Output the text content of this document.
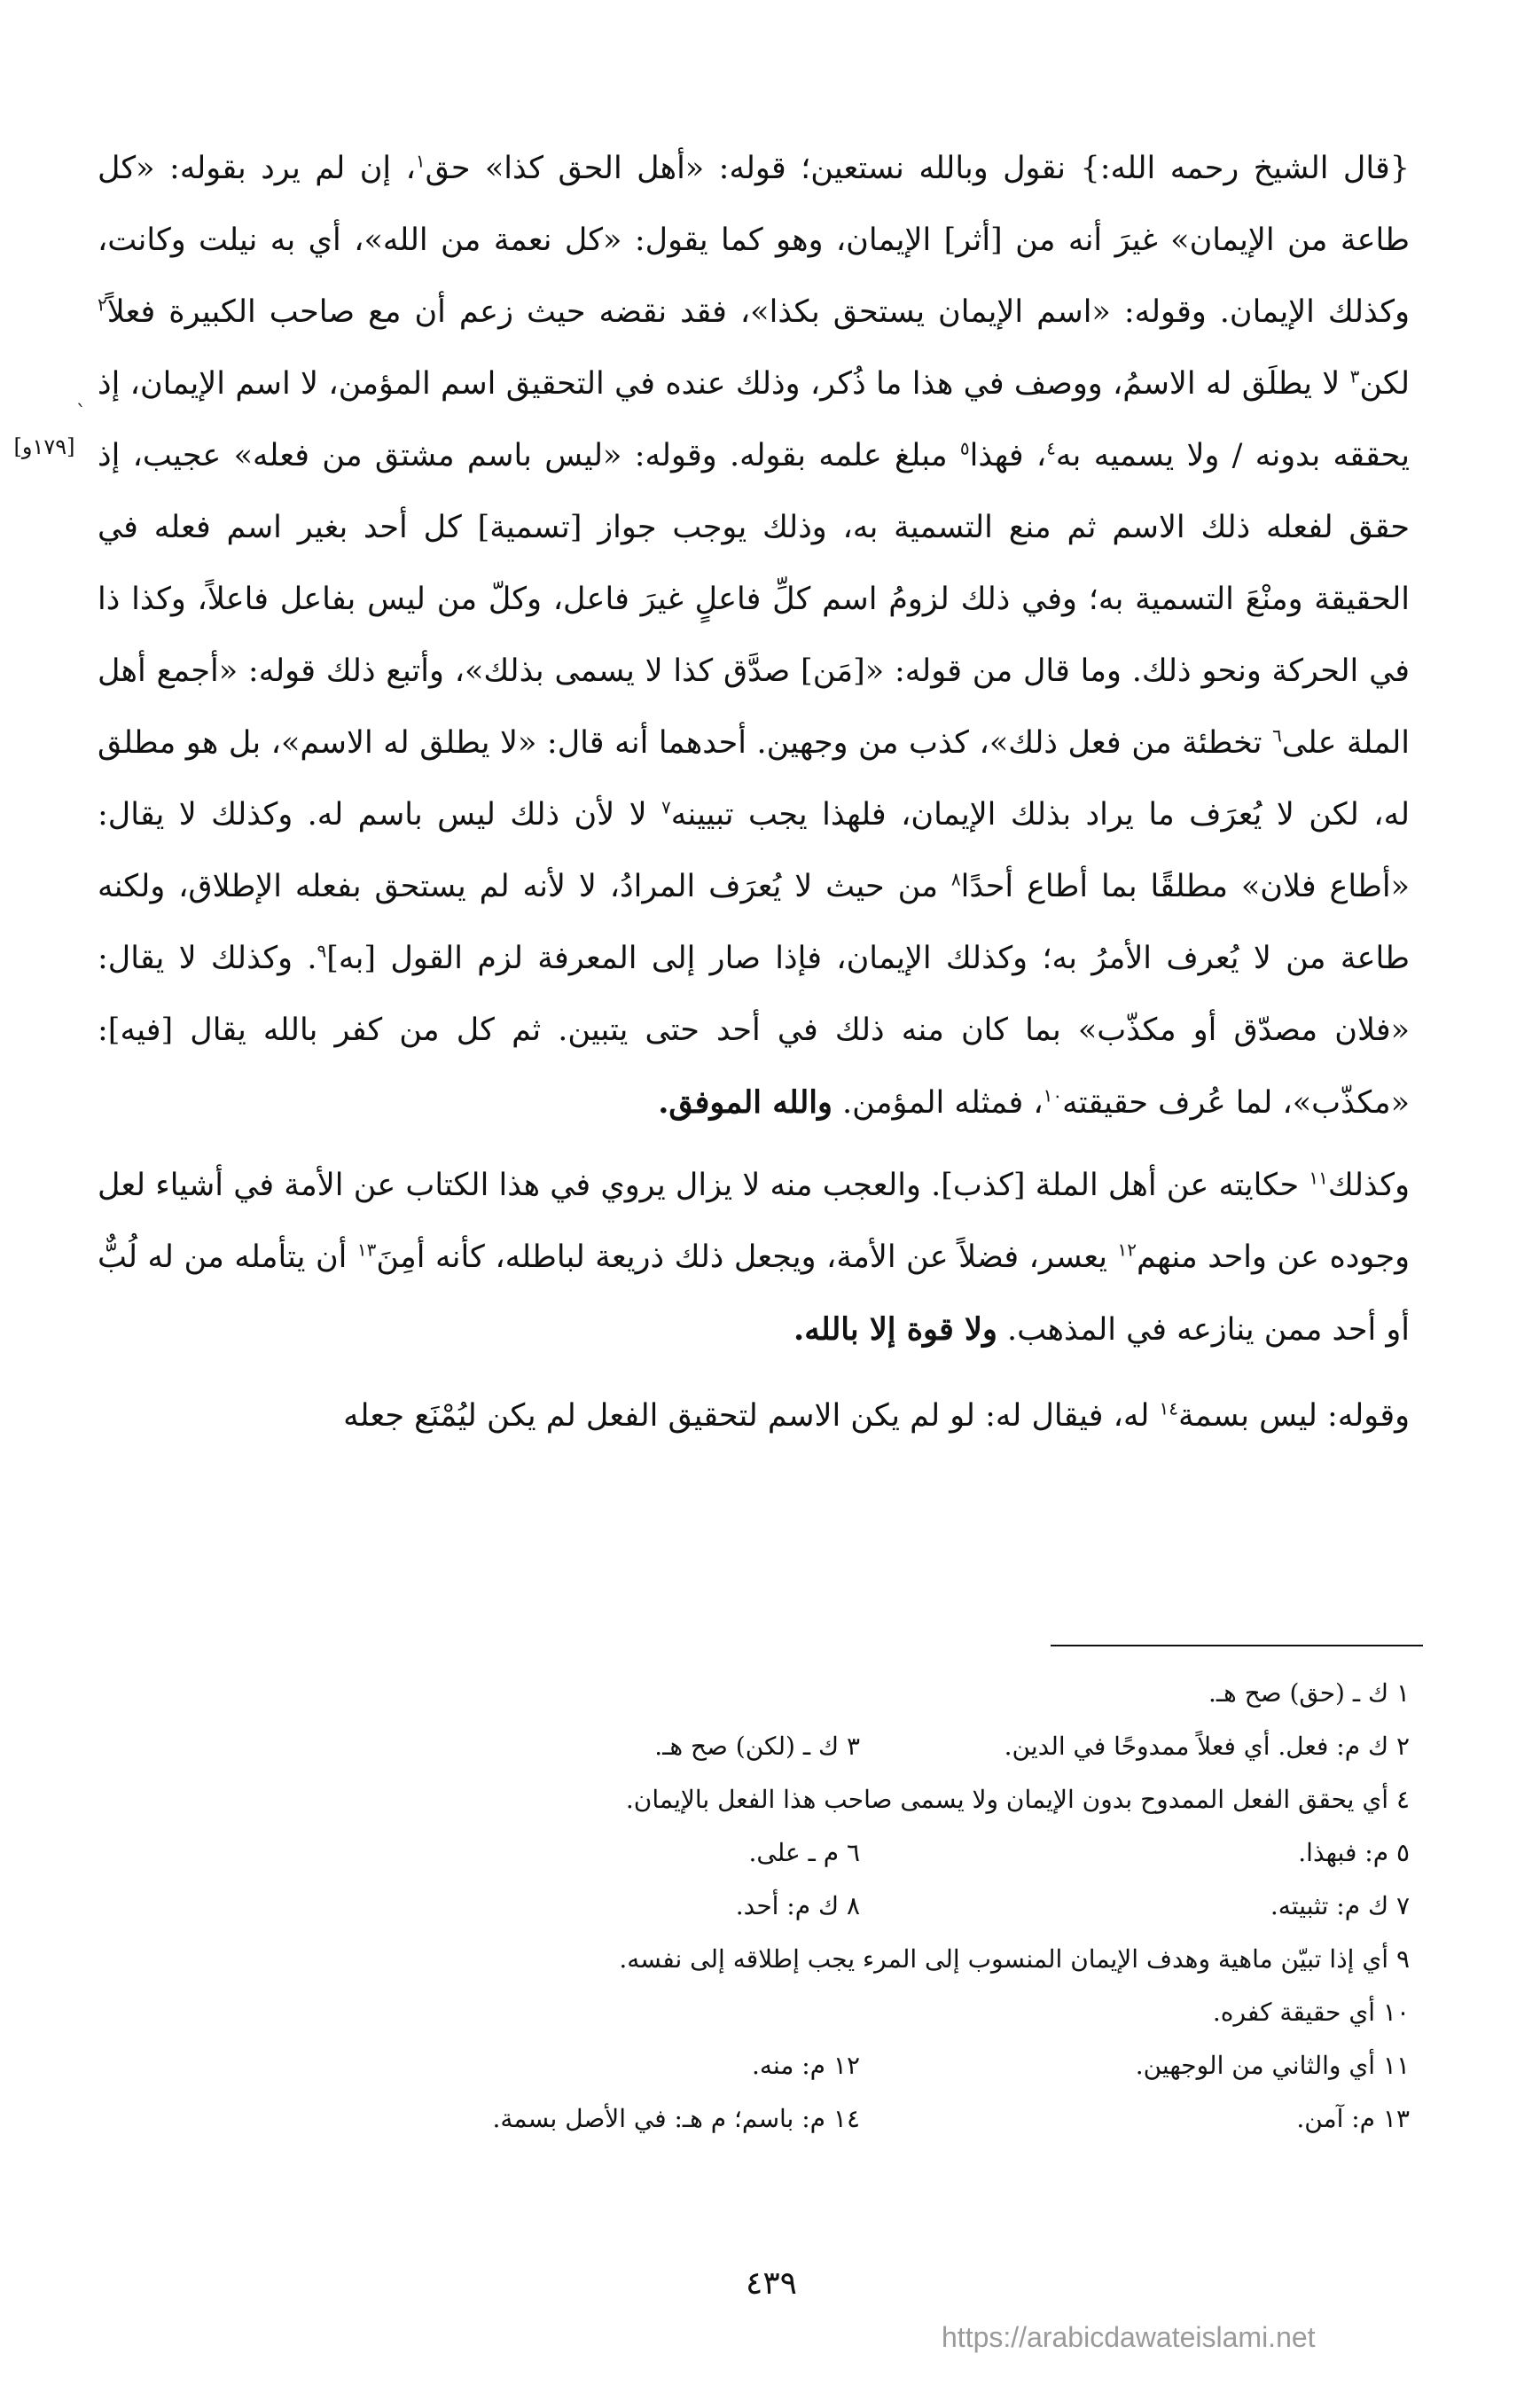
`
[١٧٩و]

{قال الشيخ رحمه الله:} نقول وبالله نستعين؛ قوله: «أهل الحق كذا» حق$^١$، إن لم يرد بقوله: «كل طاعة من الإيمان» غيرَ أنه من [أثر] الإيمان، وهو كما يقول: «كل نعمة من الله»، أي به نيلت وكانت، وكذلك الإيمان. وقوله: «اسم الإيمان يستحق بكذا»، فقد نقضه حيث زعم أن مع صاحب الكبيرة فعلاً$^٢$ لكن$^٣$ لا يطلَق له الاسمُ، ووصف في هذا ما ذُكر، وذلك عنده في التحقيق اسم المؤمن، لا اسم الإيمان، إذ يحققه بدونه / ولا يسميه به$^٤$، فهذا$^٥$ مبلغ علمه بقوله. وقوله: «ليس باسم مشتق من فعله» عجيب، إذ حقق لفعله ذلك الاسم ثم منع التسمية به، وذلك يوجب جواز [تسمية] كل أحد بغير اسم فعله في الحقيقة ومنْعَ التسمية به؛ وفي ذلك لزومُ اسم كلِّ فاعلٍ غيرَ فاعل، وكلّ من ليس بفاعل فاعلاً، وكذا ذا في الحركة ونحو ذلك. وما قال من قوله: «[مَن] صدَّق كذا لا يسمى بذلك»، وأتبع ذلك قوله: «أجمع أهل الملة على$^٦$ تخطئة من فعل ذلك»، كذب من وجهين. أحدهما أنه قال: «لا يطلق له الاسم»، بل هو مطلق له، لكن لا يُعرَف ما يراد بذلك الإيمان، فلهذا يجب تبيينه$^٧$ لا لأن ذلك ليس باسم له. وكذلك لا يقال: «أطاع فلان» مطلقًا بما أطاع أحدًا$^٨$ من حيث لا يُعرَف المرادُ، لا لأنه لم يستحق بفعله الإطلاق، ولكنه طاعة من لا يُعرف الأمرُ به؛ وكذلك الإيمان، فإذا صار إلى المعرفة لزم القول [به]$^٩$. وكذلك لا يقال: «فلان مصدّق أو مكذّب» بما كان منه ذلك في أحد حتى يتبين. ثم كل من كفر بالله يقال [فيه]: «مكذّب»، لما عُرف حقيقته$^{١٠}$، فمثله المؤمن. والله الموفق.

وكذلك$^{١١}$ حكايته عن أهل الملة [كذب]. والعجب منه لا يزال يروي في هذا الكتاب عن الأمة في أشياء لعل وجوده عن واحد منهم$^{١٢}$ يعسر، فضلاً عن الأمة، ويجعل ذلك ذريعة لباطله، كأنه أمِنَ$^{١٣}$ أن يتأمله من له لُبٌّ أو أحد ممن ينازعه في المذهب. ولا قوة إلا بالله.

وقوله: ليس بسمة$^{١٤}$ له، فيقال له: لو لم يكن الاسم لتحقيق الفعل لم يكن ليُمْنَع جعله

١ ك ـ (حق) صح هـ.
٢ ك م: فعل. أي فعلاً ممدوحًا في الدين.
٣ ك ـ (لكن) صح هـ.
٤ أي يحقق الفعل الممدوح بدون الإيمان ولا يسمى صاحب هذا الفعل بالإيمان.
٥ م: فبهذا.
٦ م ـ على.
٧ ك م: تثبيته.
٨ ك م: أحد.
٩ أي إذا تبيّن ماهية وهدف الإيمان المنسوب إلى المرء يجب إطلاقه إلى نفسه.
١٠ أي حقيقة كفره.
١١ أي والثاني من الوجهين.
١٢ م: منه.
١٣ م: آمن.
١٤ م: باسم؛ م هـ: في الأصل بسمة.
٤٣٩
https://arabicdawateislami.net
